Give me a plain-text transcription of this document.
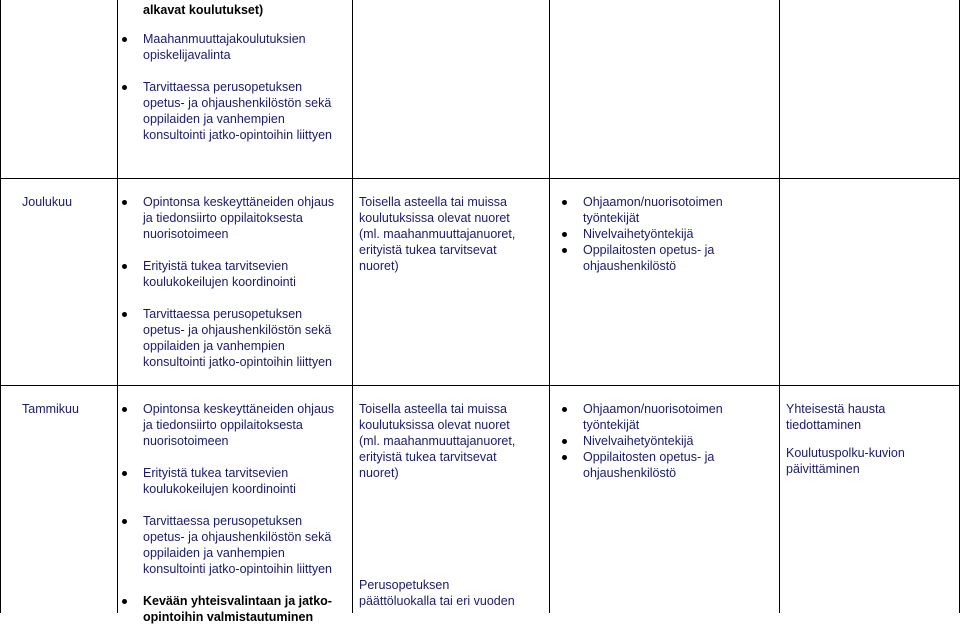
alkavat koulutukset)

Maahanmuuttajakoulutuksien opiskelijavalinta
Tarvittaessa perusopetuksen opetus- ja ohjaushenkilöstön sekä oppilaiden ja vanhempien konsultointi jatko-opintoihin liittyen

Joulukuu	Opintonsa keskeyttäneiden ohjaus ja tiedonsiirto oppilaitoksesta nuorisotoimeen
Erityistä tukea tarvitsevien koulukokeilujen koordinointi
Tarvittaessa perusopetuksen opetus- ja ohjaushenkilöstön sekä oppilaiden ja vanhempien konsultointi jatko-opintoihin liittyen

Toisella asteella tai muissa koulutuksissa olevat nuoret (ml. maahanmuuttajanuoret, erityistä tukea tarvitsevat nuoret)

Ohjaamon/nuorisotoimen työntekijät
Nivelvaihetyöntekijä
Oppilaitosten opetus- ja ohjaushenkilöstö

Tammikuu	Opintonsa keskeyttäneiden ohjaus ja tiedonsiirto oppilaitoksesta nuorisotoimeen
Erityistä tukea tarvitsevien koulukokeilujen koordinointi
Tarvittaessa perusopetuksen opetus- ja ohjaushenkilöstön sekä oppilaiden ja vanhempien konsultointi jatko-opintoihin liittyen
Kevään yhteisvalintaan ja jatko-opintoihin valmistautuminen

Toisella asteella tai muissa koulutuksissa olevat nuoret (ml. maahanmuuttajanuoret, erityistä tukea tarvitsevat nuoret)

Perusopetuksen päättöluokalla tai eri vuoden

Ohjaamon/nuorisotoimen työntekijät
Nivelvaihetyöntekijä
Oppilaitosten opetus- ja ohjaushenkilöstö

Yhteisestä hausta tiedottaminen

Koulutuspolku-kuvion päivittäminen
